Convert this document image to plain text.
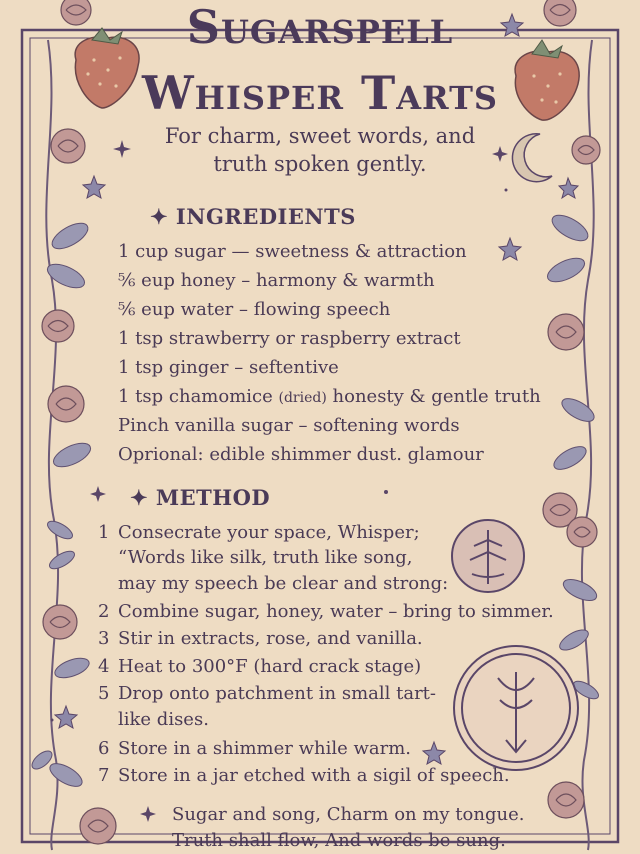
Sugarspell
Whisper Tarts
For charm, sweet words, and
truth spoken gently.
✦ INGREDIENTS
1 cup sugar — sweetness & attraction
⅚ eup honey – harmony & warmth
⅚ eup water – flowing speech
1 tsp strawberry or raspberry extract
1 tsp ginger – seftentive
1 tsp chamomice (dried) honesty & gentle truth
Pinch vanilla sugar – softening words
Oprional: edible shimmer dust. glamour
✦ METHOD
1 Consecrate your space, Whisper;
“Words like silk, truth like song,
may my speech be clear and strong:
2 Combine sugar, honey, water – bring to simmer.
3 Stir in extracts, rose, and vanilla.
4 Heat to 300°F (hard crack stage)
5 Drop onto patchment in small tart-
like dises.
6 Store in a shimmer while warm.
7 Store in a jar etched with a sigil of speech.
Sugar and song, Charm on my tongue.
Truth shall flow, And words be sung.
